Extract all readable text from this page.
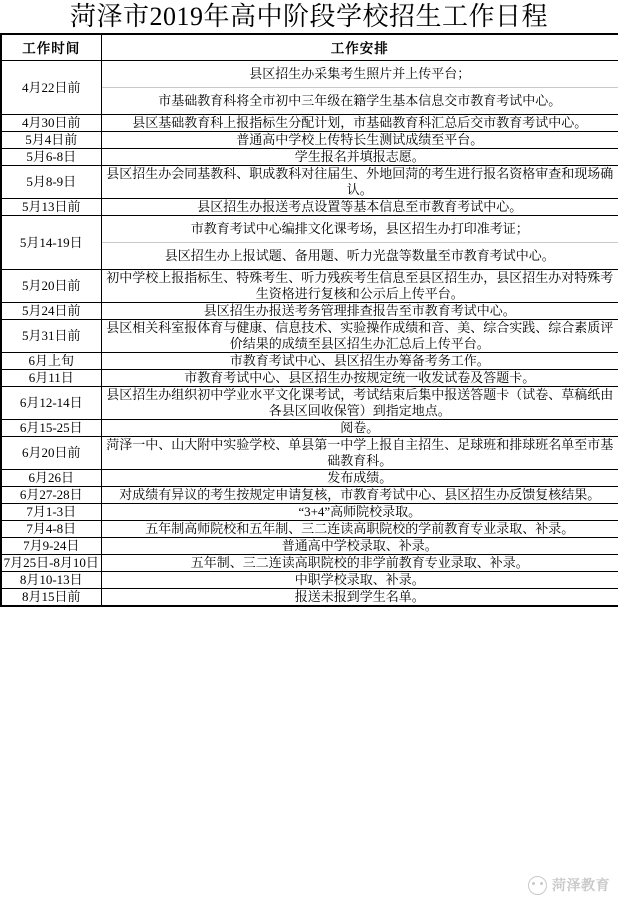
菏泽市2019年高中阶段学校招生工作日程
工作时间	工作安排
4月22日前	县区招生办采集考生照片并上传平台；
市基础教育科将全市初中三年级在籍学生基本信息交市教育考试中心。

4月30日前	县区基础教育科上报指标生分配计划，市基础教育科汇总后交市教育考试中心。
5月4日前	普通高中学校上传特长生测试成绩至平台。
5月6-8日	学生报名并填报志愿。
5月8-9日	县区招生办会同基教科、职成教科对往届生、外地回菏的考生进行报名资格审查和现场确认。
5月13日前	县区招生办报送考点设置等基本信息至市教育考试中心。
5月14-19日	市教育考试中心编排文化课考场，县区招生办打印准考证；
县区招生办上报试题、备用题、听力光盘等数量至市教育考试中心。

5月20日前	初中学校上报指标生、特殊考生、听力残疾考生信息至县区招生办，县区招生办对特殊考生资格进行复核和公示后上传平台。
5月24日前	县区招生办报送考务管理排查报告至市教育考试中心。
5月31日前	县区相关科室报体育与健康、信息技术、实验操作成绩和音、美、综合实践、综合素质评价结果的成绩至县区招生办汇总后上传平台。
6月上旬	市教育考试中心、县区招生办筹备考务工作。
6月11日	市教育考试中心、县区招生办按规定统一收发试卷及答题卡。
6月12-14日	县区招生办组织初中学业水平文化课考试，考试结束后集中报送答题卡（试卷、草稿纸由各县区回收保管）到指定地点。
6月15-25日	阅卷。
6月20日前	菏泽一中、山大附中实验学校、单县第一中学上报自主招生、足球班和排球班名单至市基础教育科。
6月26日	发布成绩。
6月27-28日	对成绩有异议的考生按规定申请复核，市教育考试中心、县区招生办反馈复核结果。
7月1-3日	“3+4”高师院校录取。
7月4-8日	五年制高师院校和五年制、三二连读高职院校的学前教育专业录取、补录。
7月9-24日	普通高中学校录取、补录。
7月25日-8月10日	五年制、三二连读高职院校的非学前教育专业录取、补录。
8月10-13日	中职学校录取、补录。
8月15日前	报送未报到学生名单。
菏泽教育
